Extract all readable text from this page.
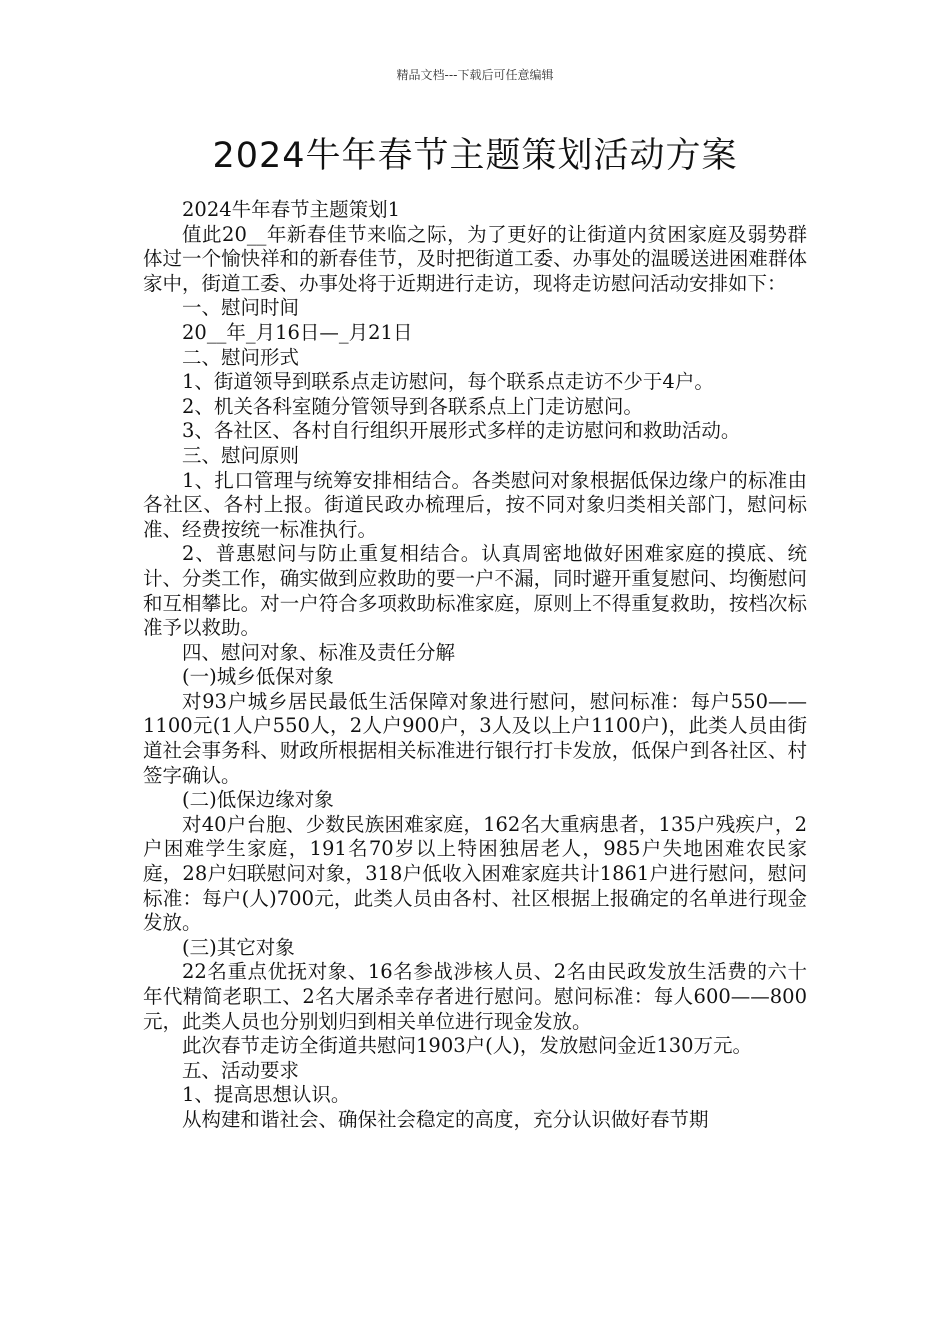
精品文档---下载后可任意编辑
2024牛年春节主题策划活动方案

2024牛年春节主题策划1

值此20__年新春佳节来临之际，为了更好的让街道内贫困家庭及弱势群体过一个愉快祥和的新春佳节，及时把街道工委、办事处的温暖送进困难群体家中，街道工委、办事处将于近期进行走访，现将走访慰问活动安排如下：

一、慰问时间

20__年_月16日—_月21日

二、慰问形式

1、街道领导到联系点走访慰问，每个联系点走访不少于4户。

2、机关各科室随分管领导到各联系点上门走访慰问。

3、各社区、各村自行组织开展形式多样的走访慰问和救助活动。

三、慰问原则

1、扎口管理与统筹安排相结合。各类慰问对象根据低保边缘户的标准由各社区、各村上报。街道民政办梳理后，按不同对象归类相关部门，慰问标准、经费按统一标准执行。

2、普惠慰问与防止重复相结合。认真周密地做好困难家庭的摸底、统计、分类工作，确实做到应救助的要一户不漏，同时避开重复慰问、均衡慰问和互相攀比。对一户符合多项救助标准家庭，原则上不得重复救助，按档次标准予以救助。

四、慰问对象、标准及责任分解

(一)城乡低保对象

对93户城乡居民最低生活保障对象进行慰问，慰问标准：每户550——1100元(1人户550人，2人户900户，3人及以上户1100户)，此类人员由街道社会事务科、财政所根据相关标准进行银行打卡发放，低保户到各社区、村签字确认。

(二)低保边缘对象

对40户台胞、少数民族困难家庭，162名大重病患者，135户残疾户，2户困难学生家庭，191名70岁以上特困独居老人，985户失地困难农民家庭，28户妇联慰问对象，318户低收入困难家庭共计1861户进行慰问，慰问标准：每户(人)700元，此类人员由各村、社区根据上报确定的名单进行现金发放。

(三)其它对象

22名重点优抚对象、16名参战涉核人员、2名由民政发放生活费的六十年代精简老职工、2名大屠杀幸存者进行慰问。慰问标准：每人600——800元，此类人员也分别划归到相关单位进行现金发放。

此次春节走访全街道共慰问1903户(人)，发放慰问金近130万元。

五、活动要求

1、提高思想认识。

从构建和谐社会、确保社会稳定的高度，充分认识做好春节期
